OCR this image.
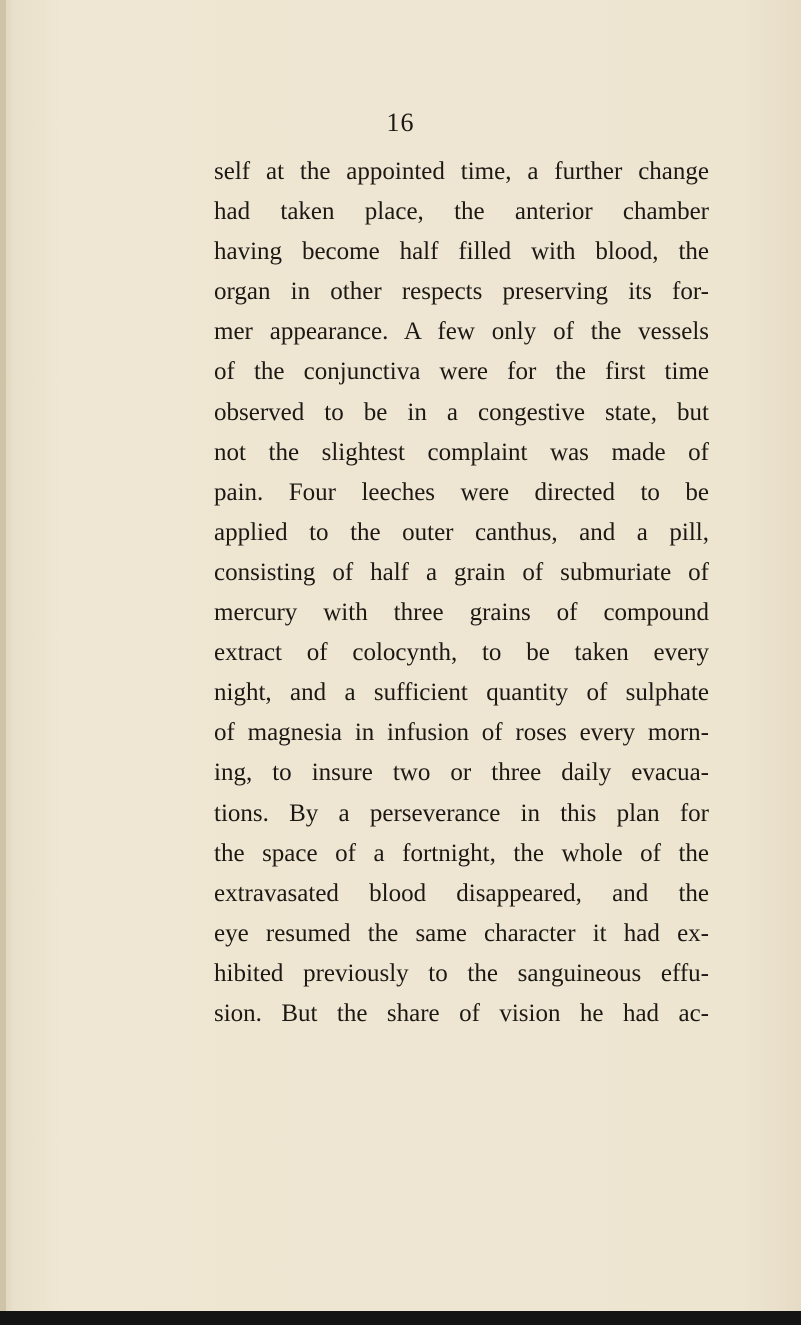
16
self at the appointed time, a further change
had taken place, the anterior chamber
having become half filled with blood, the
organ in other respects preserving its for-
mer appearance. A few only of the vessels
of the conjunctiva were for the first time
observed to be in a congestive state, but
not the slightest complaint was made of
pain. Four leeches were directed to be
applied to the outer canthus, and a pill,
consisting of half a grain of submuriate of
mercury with three grains of compound
extract of colocynth, to be taken every
night, and a sufficient quantity of sulphate
of magnesia in infusion of roses every morn-
ing, to insure two or three daily evacua-
tions. By a perseverance in this plan for
the space of a fortnight, the whole of the
extravasated blood disappeared, and the
eye resumed the same character it had ex-
hibited previously to the sanguineous effu-
sion. But the share of vision he had ac-
